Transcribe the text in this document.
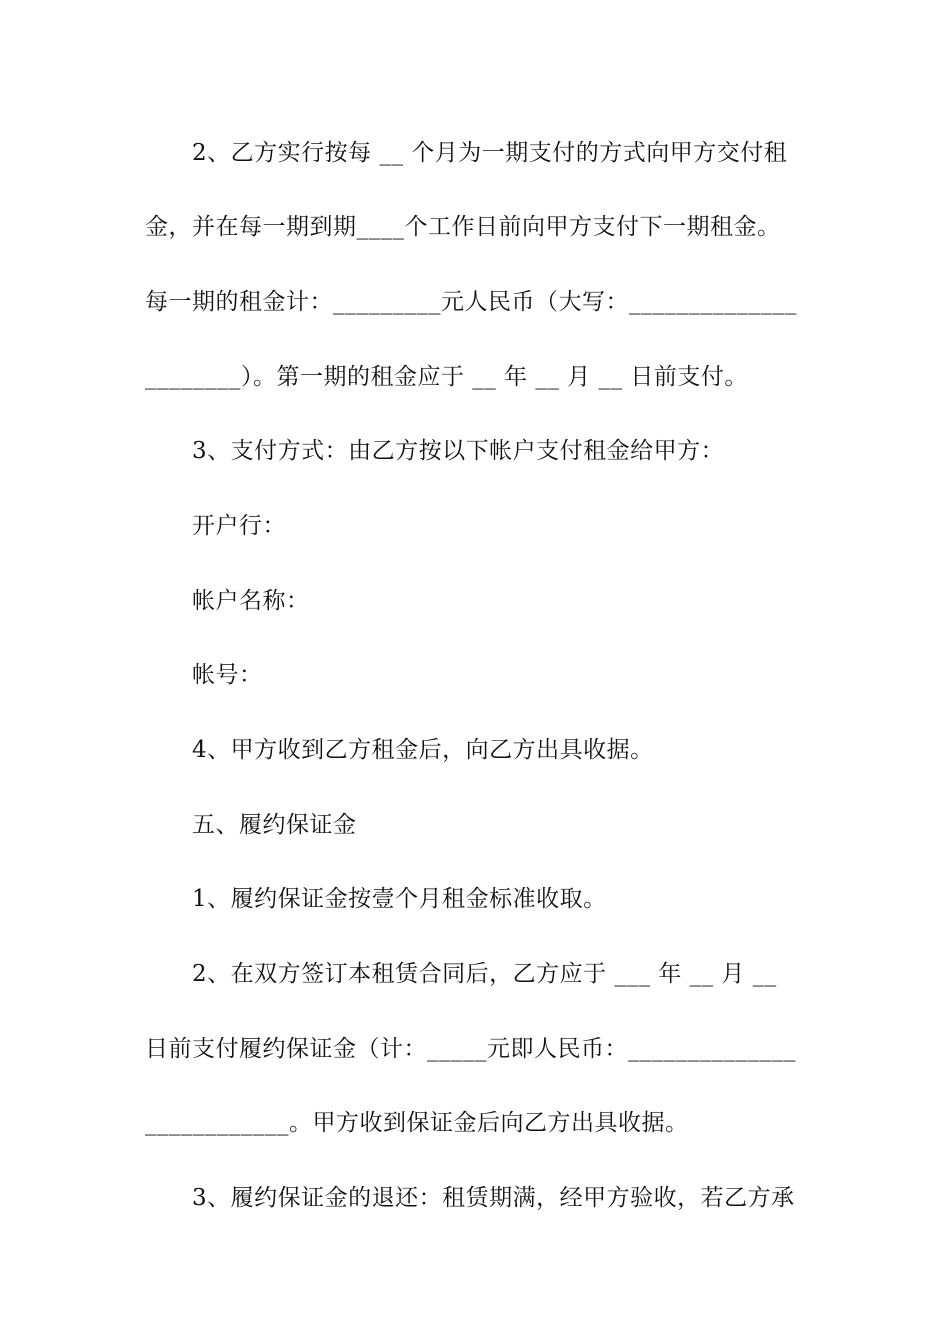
2、乙方实行按每 __ 个月为一期支付的方式向甲方交付租
金，并在每一期到期____个工作日前向甲方支付下一期租金。
每一期的租金计：_________元人民币（大写：______________
________）。第一期的租金应于 __ 年 __ 月 __ 日前支付。
3、支付方式：由乙方按以下帐户支付租金给甲方：
开户行：
帐户名称：
帐号：
4、甲方收到乙方租金后，向乙方出具收据。
五、履约保证金
1、履约保证金按壹个月租金标准收取。
2、在双方签订本租赁合同后，乙方应于 ___ 年 __ 月 __
日前支付履约保证金（计：_____元即人民币：______________
____________。甲方收到保证金后向乙方出具收据。
3、履约保证金的退还：租赁期满，经甲方验收，若乙方承
